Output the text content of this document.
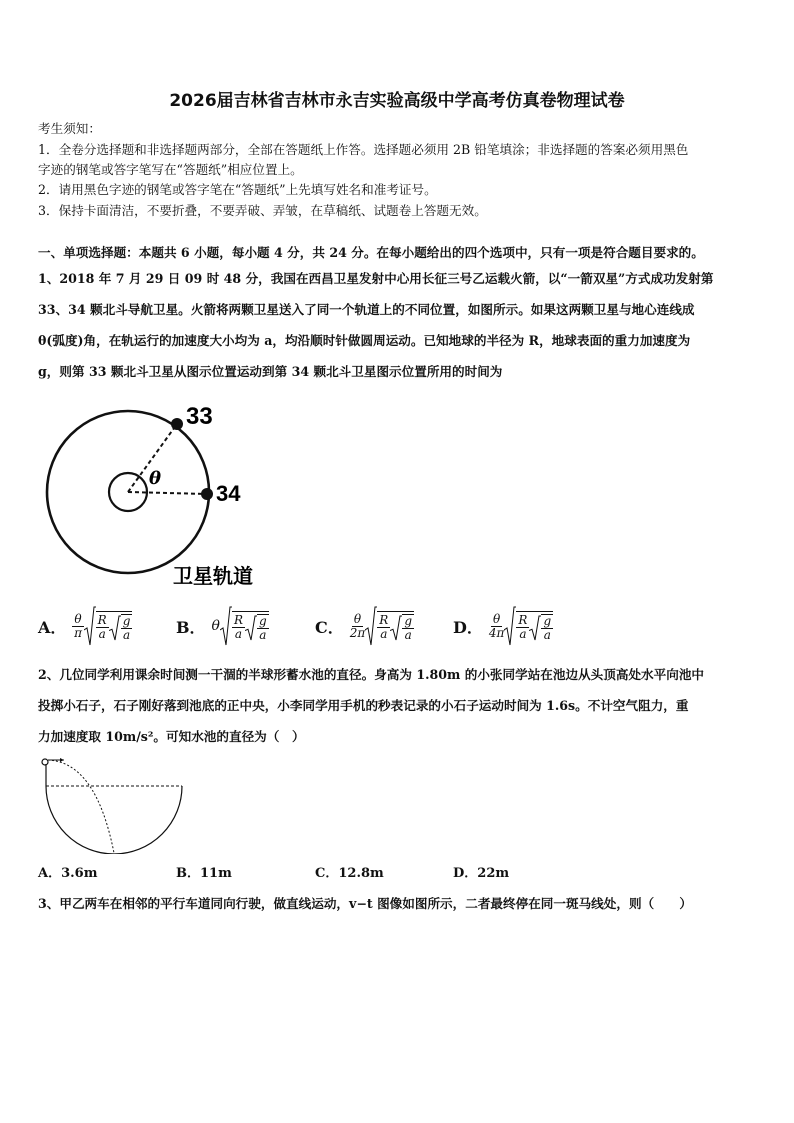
2026届吉林省吉林市永吉实验高级中学高考仿真卷物理试卷
考生须知：
1．全卷分选择题和非选择题两部分，全部在答题纸上作答。选择题必须用 2B 铅笔填涂；非选择题的答案必须用黑色
字迹的钢笔或答字笔写在“答题纸”相应位置上。
2．请用黑色字迹的钢笔或答字笔在“答题纸”上先填写姓名和准考证号。
3．保持卡面清洁，不要折叠，不要弄破、弄皱，在草稿纸、试题卷上答题无效。
一、单项选择题：本题共 6 小题，每小题 4 分，共 24 分。在每小题给出的四个选项中，只有一项是符合题目要求的。
1、2018 年 7 月 29 日 09 时 48 分，我国在西昌卫星发射中心用长征三号乙运载火箭，以“一箭双星”方式成功发射第
33、34 颗北斗导航卫星。火箭将两颗卫星送入了同一个轨道上的不同位置，如图所示。如果这两颗卫星与地心连线成
θ(弧度)角，在轨运行的加速度大小均为 a，均沿顺时针做圆周运动。已知地球的半径为 R，地球表面的重力加速度为
g，则第 33 颗北斗卫星从图示位置运动到第 34 颗北斗卫星图示位置所用的时间为
33
34
θ
卫星轨道
A． $\frac{\theta}{\pi} \frac{R}{a} \frac{g}{a}$	B． θ $\frac{R}{a} \frac{g}{a}$	C． $\frac{\theta}{2\pi} \frac{R}{a} \frac{g}{a}$ D． $\frac{\theta}{4\pi} \frac{R}{a} \frac{g}{a}$
2、几位同学利用课余时间测一干涸的半球形蓄水池的直径。身高为 1.80m 的小张同学站在池边从头顶高处水平向池中
投掷小石子，石子刚好落到池底的正中央，小李同学用手机的秒表记录的小石子运动时间为 1.6s。不计空气阻力，重
力加速度取 10m/s²。可知水池的直径为（　）
A．3.6m	B．11m	C．12.8m	D．22m
3、甲乙两车在相邻的平行车道同向行驶，做直线运动，v−t 图像如图所示，二者最终停在同一斑马线处，则（　　）
